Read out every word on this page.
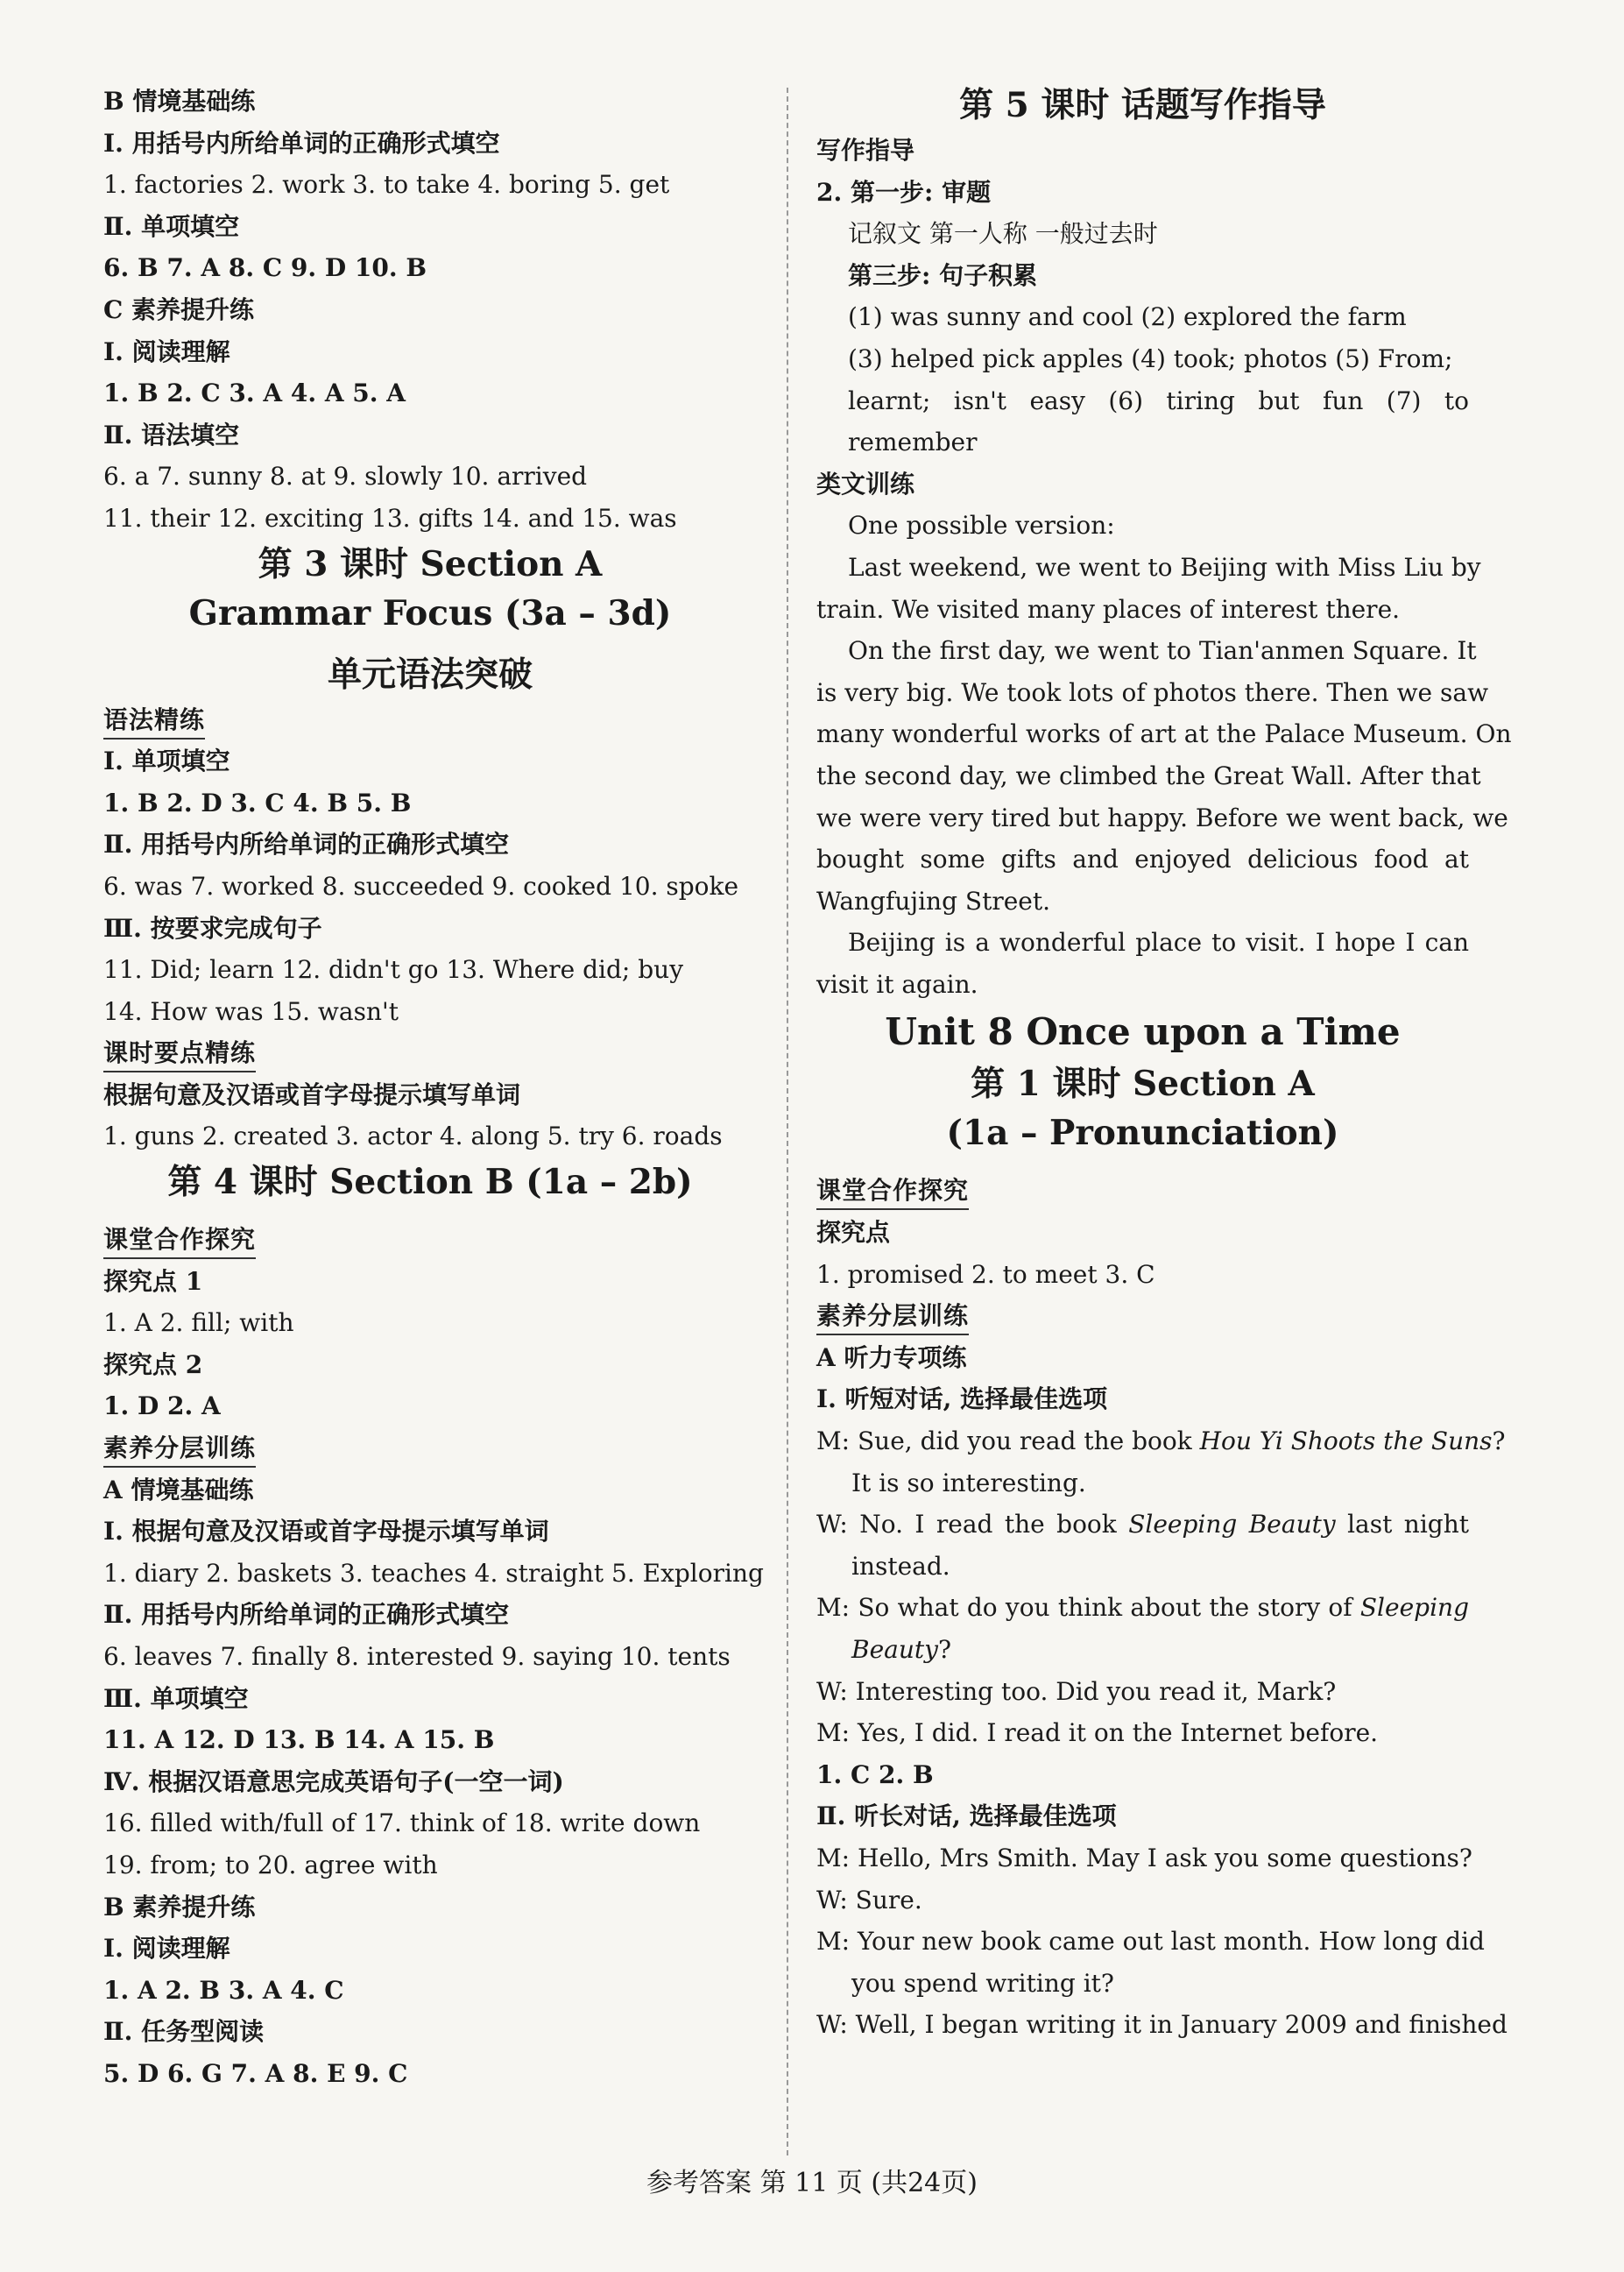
B 情境基础练
Ⅰ. 用括号内所给单词的正确形式填空
1. factories 2. work 3. to take 4. boring 5. get
Ⅱ. 单项填空
6. B 7. A 8. C 9. D 10. B
C 素养提升练
Ⅰ. 阅读理解
1. B 2. C 3. A 4. A 5. A
Ⅱ. 语法填空
6. a 7. sunny 8. at 9. slowly 10. arrived
11. their 12. exciting 13. gifts 14. and 15. was
第 3 课时 Section A
Grammar Focus (3a – 3d)
单元语法突破
语法精练
Ⅰ. 单项填空
1. B 2. D 3. C 4. B 5. B
Ⅱ. 用括号内所给单词的正确形式填空
6. was 7. worked 8. succeeded 9. cooked 10. spoke
Ⅲ. 按要求完成句子
11. Did; learn 12. didn't go 13. Where did; buy
14. How was 15. wasn't
课时要点精练
根据句意及汉语或首字母提示填写单词
1. guns 2. created 3. actor 4. along 5. try 6. roads
第 4 课时 Section B (1a – 2b)
课堂合作探究
探究点 1
1. A 2. fill; with
探究点 2
1. D 2. A
素养分层训练
A 情境基础练
Ⅰ. 根据句意及汉语或首字母提示填写单词
1. diary 2. baskets 3. teaches 4. straight 5. Exploring
Ⅱ. 用括号内所给单词的正确形式填空
6. leaves 7. finally 8. interested 9. saying 10. tents
Ⅲ. 单项填空
11. A 12. D 13. B 14. A 15. B
Ⅳ. 根据汉语意思完成英语句子(一空一词)
16. filled with/full of 17. think of 18. write down
19. from; to 20. agree with
B 素养提升练
Ⅰ. 阅读理解
1. A 2. B 3. A 4. C
Ⅱ. 任务型阅读
5. D 6. G 7. A 8. E 9. C
第 5 课时 话题写作指导
写作指导
2. 第一步: 审题
记叙文 第一人称 一般过去时
第三步: 句子积累
(1) was sunny and cool (2) explored the farm
(3) helped pick apples (4) took; photos (5) From;
learnt; isn't easy (6) tiring but fun (7) to
remember
类文训练
One possible version:
Last weekend, we went to Beijing with Miss Liu by
train. We visited many places of interest there.
On the first day, we went to Tian'anmen Square. It
is very big. We took lots of photos there. Then we saw
many wonderful works of art at the Palace Museum. On
the second day, we climbed the Great Wall. After that
we were very tired but happy. Before we went back, we
bought some gifts and enjoyed delicious food at
Wangfujing Street.
Beijing is a wonderful place to visit. I hope I can
visit it again.
Unit 8 Once upon a Time
第 1 课时 Section A
(1a – Pronunciation)
课堂合作探究
探究点
1. promised 2. to meet 3. C
素养分层训练
A 听力专项练
Ⅰ. 听短对话, 选择最佳选项
M: Sue, did you read the book Hou Yi Shoots the Suns?
It is so interesting.
W: No. I read the book Sleeping Beauty last night
instead.
M: So what do you think about the story of Sleeping
Beauty?
W: Interesting too. Did you read it, Mark?
M: Yes, I did. I read it on the Internet before.
1. C 2. B
Ⅱ. 听长对话, 选择最佳选项
M: Hello, Mrs Smith. May I ask you some questions?
W: Sure.
M: Your new book came out last month. How long did
you spend writing it?
W: Well, I began writing it in January 2009 and finished
参考答案 第 11 页 (共24页)
